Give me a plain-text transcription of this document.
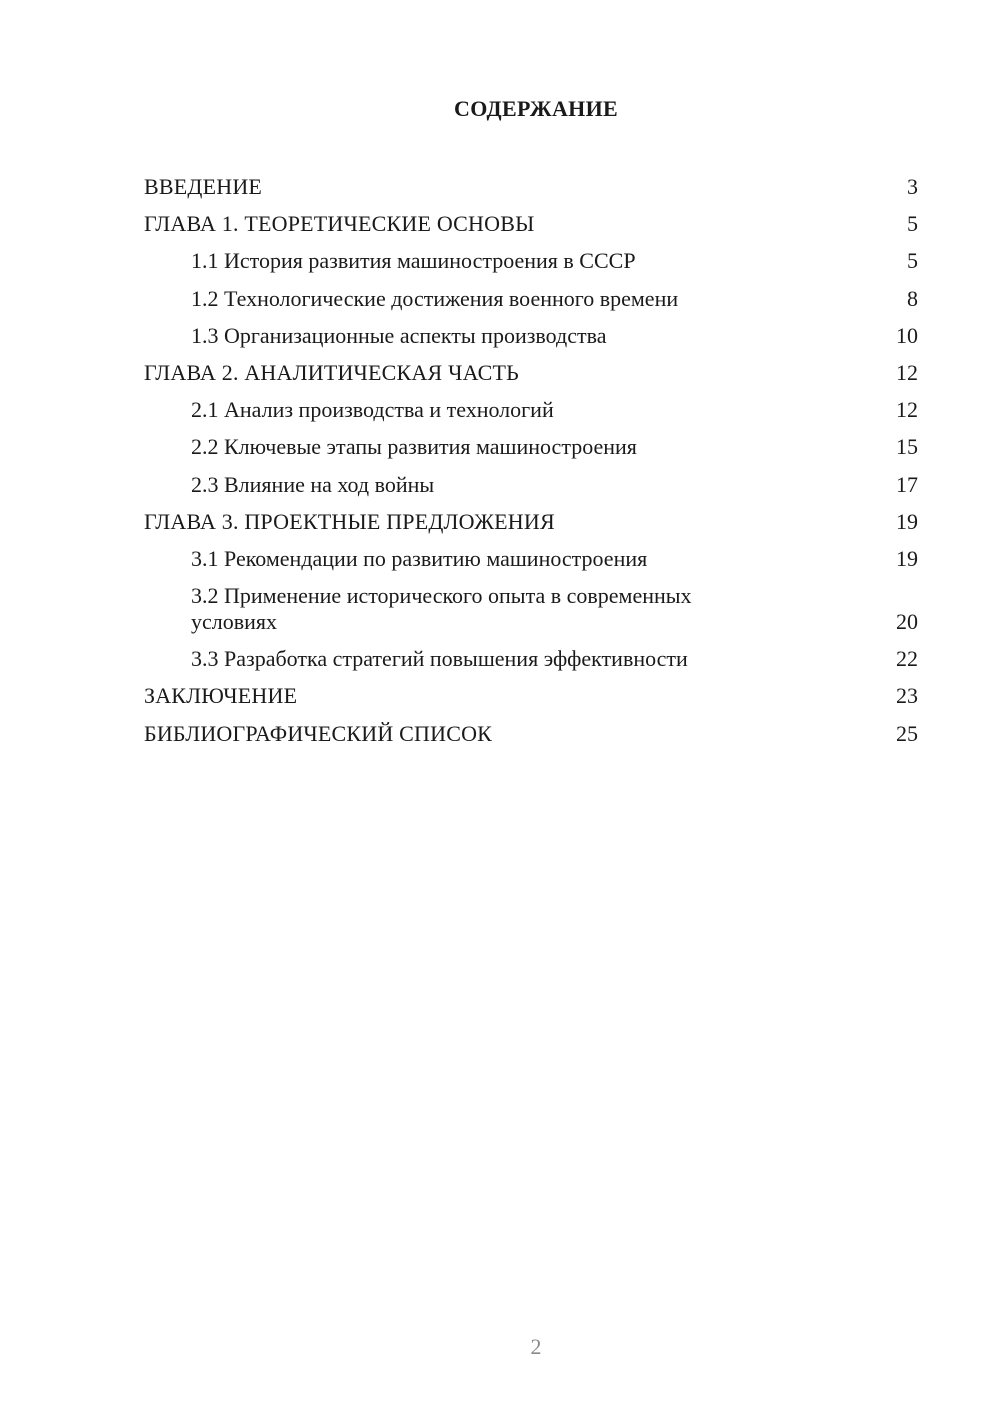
СОДЕРЖАНИЕ
ВВЕДЕНИЕ	3
ГЛАВА 1. ТЕОРЕТИЧЕСКИЕ ОСНОВЫ	5
1.1 История развития машиностроения в СССР	5
1.2 Технологические достижения военного времени	8
1.3 Организационные аспекты производства	10
ГЛАВА 2. АНАЛИТИЧЕСКАЯ ЧАСТЬ	12
2.1 Анализ производства и технологий	12
2.2 Ключевые этапы развития машиностроения	15
2.3 Влияние на ход войны	17
ГЛАВА 3. ПРОЕКТНЫЕ ПРЕДЛОЖЕНИЯ	19
3.1 Рекомендации по развитию машиностроения	19
3.2 Применение исторического опыта в современных условиях	20
3.3 Разработка стратегий повышения эффективности	22
ЗАКЛЮЧЕНИЕ	23
БИБЛИОГРАФИЧЕСКИЙ СПИСОК	25
2
